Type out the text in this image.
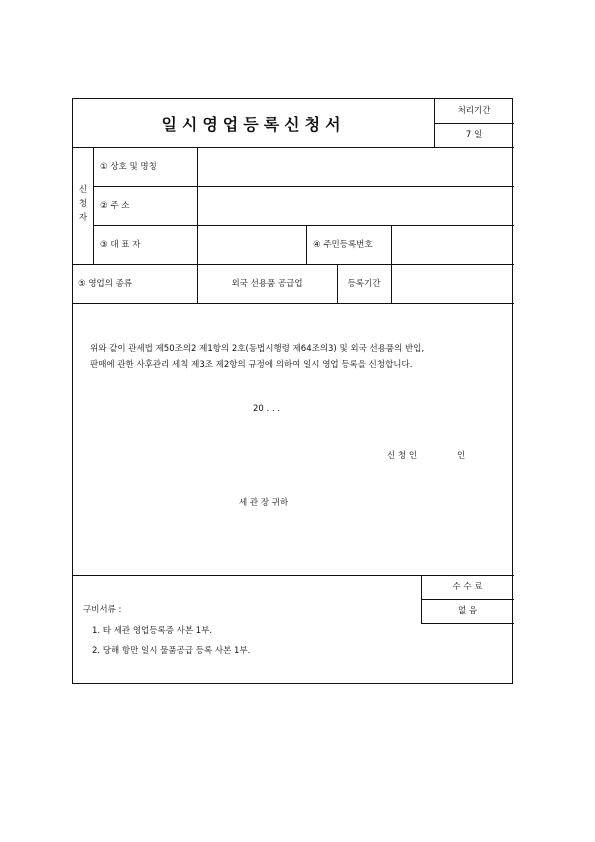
일시영업등록신청서
처리기간
7 일
신
청
자
① 상호 및 명칭
② 주 소
③ 대 표 자	④ 주민등록번호
⑤ 영업의 종류	외국 선용품 공급업	등록기간
위와 같이 관세법 제50조의2 제1항의 2호(동법시행령 제64조의3) 및 외국 선용품의 반입,
판매에 관한 사후관리 세칙 제3조 제2항의 규정에 의하여 일시 영업 등록을 신청합니다.
20 . . .
신 청 인	인
세 관 장 귀하
수 수 료
없 음
구비서류 :
1. 타 세관 영업등록증 사본 1부.
2. 당해 항만 일시 물품공급 등록 사본 1부.
